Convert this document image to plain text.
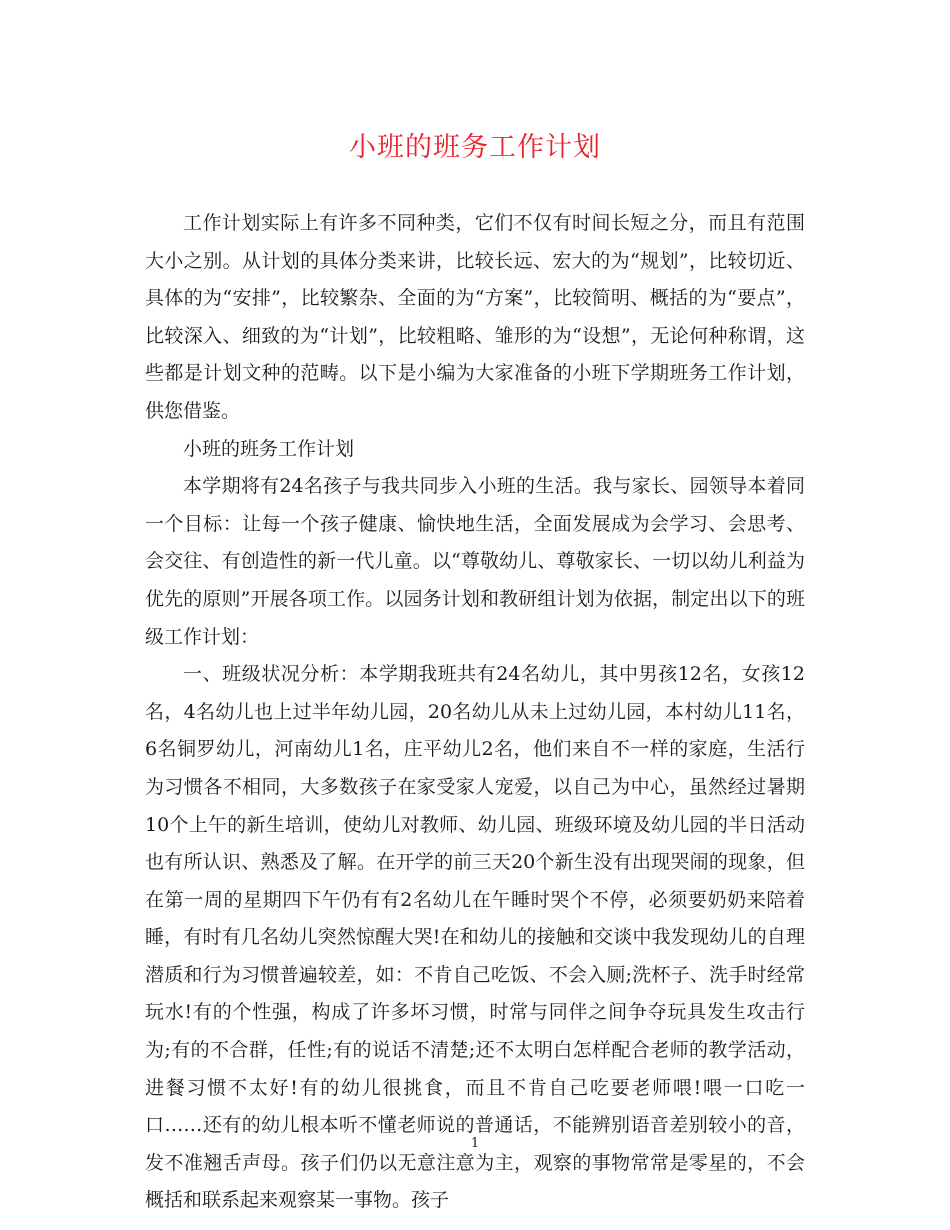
小班的班务工作计划

工作计划实际上有许多不同种类，它们不仅有时间长短之分，而且有范围大小之别。从计划的具体分类来讲，比较长远、宏大的为“规划”，比较切近、具体的为“安排”，比较繁杂、全面的为“方案”，比较简明、概括的为“要点”，比较深入、细致的为“计划”，比较粗略、雏形的为“设想”，无论何种称谓，这些都是计划文种的范畴。以下是小编为大家准备的小班下学期班务工作计划，供您借鉴。

小班的班务工作计划

本学期将有24名孩子与我共同步入小班的生活。我与家长、园领导本着同一个目标：让每一个孩子健康、愉快地生活，全面发展成为会学习、会思考、会交往、有创造性的新一代儿童。以“尊敬幼儿、尊敬家长、一切以幼儿利益为优先的原则”开展各项工作。以园务计划和教研组计划为依据，制定出以下的班级工作计划：

一、班级状况分析：本学期我班共有24名幼儿，其中男孩12名，女孩12名，4名幼儿也上过半年幼儿园，20名幼儿从未上过幼儿园，本村幼儿11名，6名铜罗幼儿，河南幼儿1名，庄平幼儿2名，他们来自不一样的家庭，生活行为习惯各不相同，大多数孩子在家受家人宠爱，以自己为中心，虽然经过暑期10个上午的新生培训，使幼儿对教师、幼儿园、班级环境及幼儿园的半日活动也有所认识、熟悉及了解。在开学的前三天20个新生没有出现哭闹的现象，但在第一周的星期四下午仍有有2名幼儿在午睡时哭个不停，必须要奶奶来陪着睡，有时有几名幼儿突然惊醒大哭!在和幼儿的接触和交谈中我发现幼儿的自理潜质和行为习惯普遍较差，如：不肯自己吃饭、不会入厕;洗杯子、洗手时经常玩水!有的个性强，构成了许多坏习惯，时常与同伴之间争夺玩具发生攻击行为;有的不合群，任性;有的说话不清楚;还不太明白怎样配合老师的教学活动，进餐习惯不太好!有的幼儿很挑食，而且不肯自己吃要老师喂!喂一口吃一口……还有的幼儿根本听不懂老师说的普通话，不能辨别语音差别较小的音，发不准翘舌声母。孩子们仍以无意注意为主，观察的事物常常是零星的，不会概括和联系起来观察某一事物。孩子

1
